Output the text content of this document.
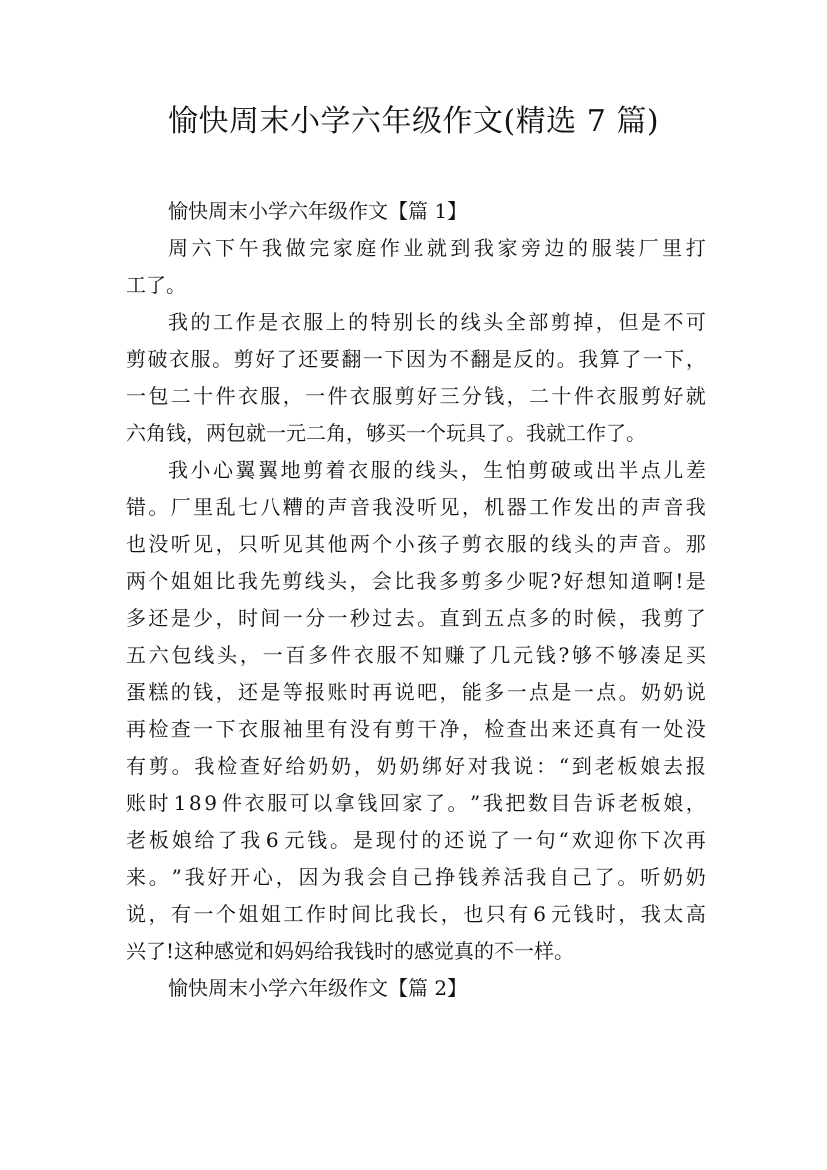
愉快周末小学六年级作文(精选 7 篇)
愉快周末小学六年级作文【篇 1】
周 六 下 午 我 做 完 家 庭 作 业 就 到 我 家 旁 边 的 服 装 厂 里 打
工了。
我 的 工 作 是 衣 服 上 的 特 别 长 的 线 头 全 部 剪 掉 ， 但 是 不 可
剪 破 衣 服 。 剪 好 了 还 要 翻 一 下 因 为 不 翻 是 反 的 。 我 算 了 一 下 ，
一 包 二 十 件 衣 服 ， 一 件 衣 服 剪 好 三 分 钱 ， 二 十 件 衣 服 剪 好 就
六角钱，两包就一元二角，够买一个玩具了。我就工作了。
我 小 心 翼 翼 地 剪 着 衣 服 的 线 头 ， 生 怕 剪 破 或 出 半 点 儿 差
错 。 厂 里 乱 七 八 糟 的 声 音 我 没 听 见 ， 机 器 工 作 发 出 的 声 音 我
也 没 听 见 ， 只 听 见 其 他 两 个 小 孩 子 剪 衣 服 的 线 头 的 声 音 。 那
两 个 姐 姐 比 我 先 剪 线 头 ， 会 比 我 多 剪 多 少 呢 ? 好 想 知 道 啊 ! 是
多 还 是 少 ， 时 间 一 分 一 秒 过 去 。 直 到 五 点 多 的 时 候 ， 我 剪 了
五 六 包 线 头 ， 一 百 多 件 衣 服 不 知 赚 了 几 元 钱 ? 够 不 够 凑 足 买
蛋 糕 的 钱 ， 还 是 等 报 账 时 再 说 吧 ， 能 多 一 点 是 一 点 。 奶 奶 说
再 检 查 一 下 衣 服 袖 里 有 没 有 剪 干 净 ， 检 查 出 来 还 真 有 一 处 没
有 剪 。 我 检 查 好 给 奶 奶 ， 奶 奶 绑 好 对 我 说 ： “ 到 老 板 娘 去 报
账 时 1 8 9 件 衣 服 可 以 拿 钱 回 家 了 。 ” 我 把 数 目 告 诉 老 板 娘 ，
老 板 娘 给 了 我 6 元 钱 。 是 现 付 的 还 说 了 一 句 “ 欢 迎 你 下 次 再
来 。 ” 我 好 开 心 ， 因 为 我 会 自 己 挣 钱 养 活 我 自 己 了 。 听 奶 奶
说 ， 有 一 个 姐 姐 工 作 时 间 比 我 长 ， 也 只 有 6 元 钱 时 ， 我 太 高
兴了!这种感觉和妈妈给我钱时的感觉真的不一样。
愉快周末小学六年级作文【篇 2】
